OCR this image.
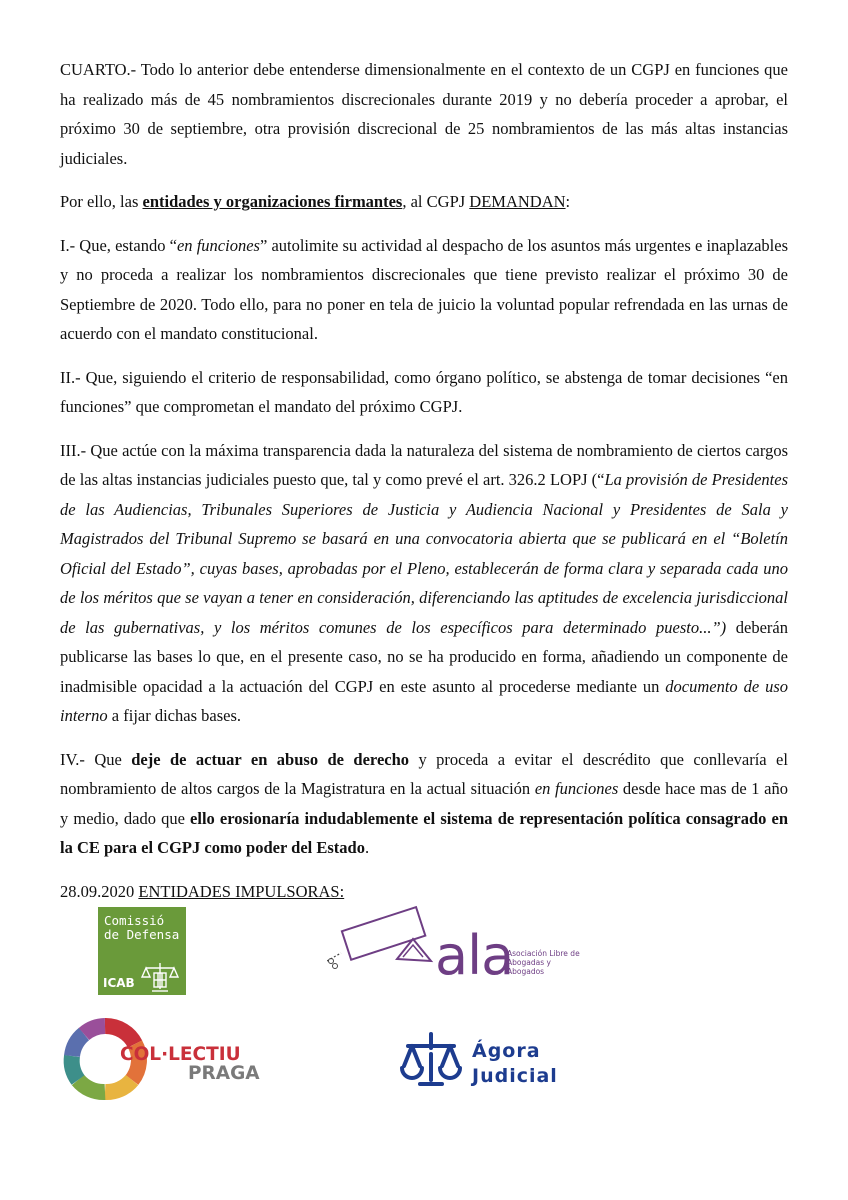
CUARTO.- Todo lo anterior debe entenderse dimensionalmente en el contexto de un CGPJ en funciones que ha realizado más de 45 nombramientos discrecionales durante 2019 y no debería proceder a aprobar, el próximo 30 de septiembre, otra provisión discrecional de 25 nombramientos de las más altas instancias judiciales.

Por ello, las entidades y organizaciones firmantes, al CGPJ DEMANDAN:

I.- Que, estando “en funciones” autolimite su actividad al despacho de los asuntos más urgentes e inaplazables y no proceda a realizar los nombramientos discrecionales que tiene previsto realizar el próximo 30 de Septiembre de 2020. Todo ello, para no poner en tela de juicio la voluntad popular refrendada en las urnas de acuerdo con el mandato constitucional.

II.- Que, siguiendo el criterio de responsabilidad, como órgano político, se abstenga de tomar decisiones “en funciones” que comprometan el mandato del próximo CGPJ.

III.- Que actúe con la máxima transparencia dada la naturaleza del sistema de nombramiento de ciertos cargos de las altas instancias judiciales puesto que, tal y como prevé el art. 326.2 LOPJ (“La provisión de Presidentes de las Audiencias, Tribunales Superiores de Justicia y Audiencia Nacional y Presidentes de Sala y Magistrados del Tribunal Supremo se basará en una convocatoria abierta que se publicará en el “Boletín Oficial del Estado”, cuyas bases, aprobadas por el Pleno, establecerán de forma clara y separada cada uno de los méritos que se vayan a tener en consideración, diferenciando las aptitudes de excelencia jurisdiccional de las gubernativas, y los méritos comunes de los específicos para determinado puesto...”) deberán publicarse las bases lo que, en el presente caso, no se ha producido en forma, añadiendo un componente de inadmisible opacidad a la actuación del CGPJ en este asunto al procederse mediante un documento de uso interno a fijar dichas bases.

IV.- Que deje de actuar en abuso de derecho y proceda a evitar el descrédito que conllevaría el nombramiento de altos cargos de la Magistratura en la actual situación en funciones desde hace mas de 1 año y medio, dado que ello erosionaría indudablemente el sistema de representación política consagrado en la CE para el CGPJ como poder del Estado.

28.09.2020 ENTIDADES IMPULSORAS:

Comissió
de Defensa
ICAB	ala
Asociación Libre de Abogadas y Abogados
COL·LECTIU
PRAGA
Ágora
Judicial
